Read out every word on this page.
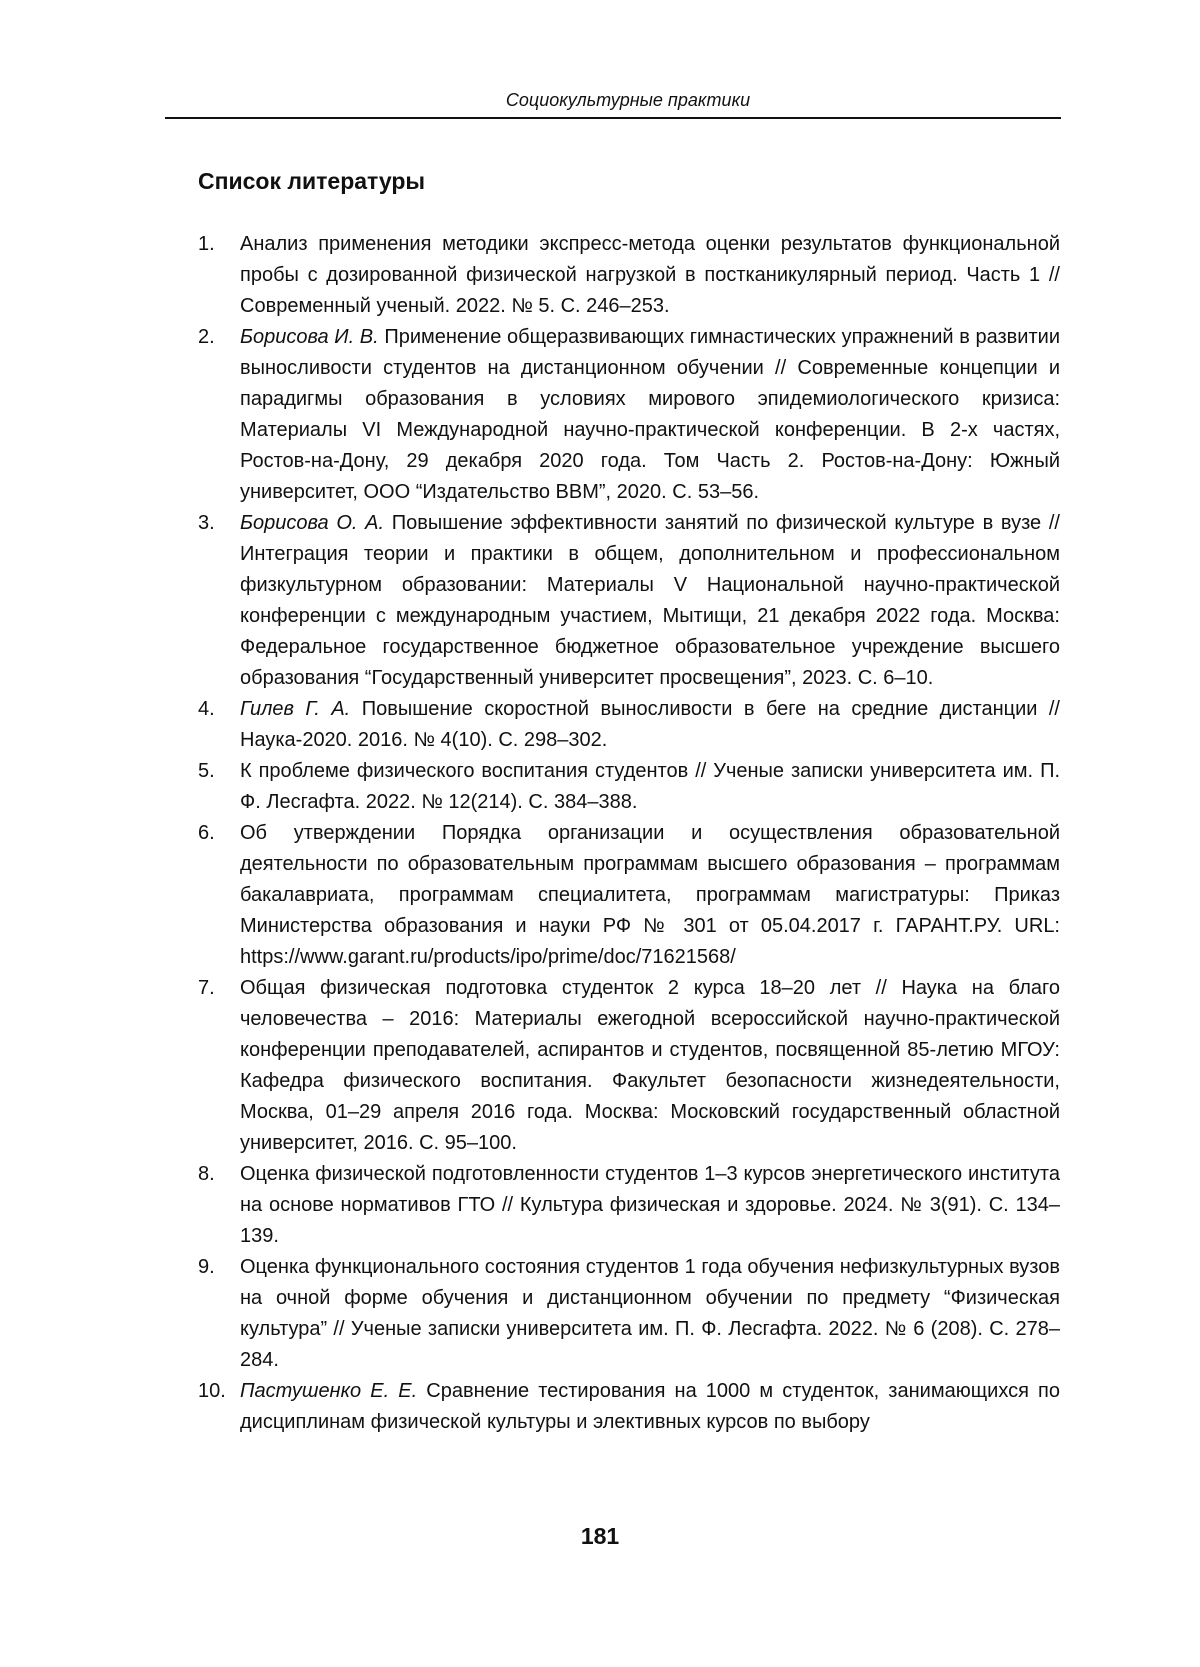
Социокультурные практики
Список литературы
1. Анализ применения методики экспресс-метода оценки результатов функциональной пробы с дозированной физической нагрузкой в постканикулярный период. Часть 1 // Современный ученый. 2022. № 5. С. 246–253.
2. Борисова И. В. Применение общеразвивающих гимнастических упражнений в развитии выносливости студентов на дистанционном обучении // Современные концепции и парадигмы образования в условиях мирового эпидемиологического кризиса: Материалы VI Международной научно-практической конференции. В 2-х частях, Ростов-на-Дону, 29 декабря 2020 года. Том Часть 2. Ростов-на-Дону: Южный университет, ООО “Издательство ВВМ”, 2020. С. 53–56.
3. Борисова О. А. Повышение эффективности занятий по физической культуре в вузе // Интеграция теории и практики в общем, дополнительном и профессиональном физкультурном образовании: Материалы V Национальной научно-практической конференции с международным участием, Мытищи, 21 декабря 2022 года. Москва: Федеральное государственное бюджетное образовательное учреждение высшего образования “Государственный университет просвещения”, 2023. С. 6–10.
4. Гилев Г. А. Повышение скоростной выносливости в беге на средние дистанции // Наука-2020. 2016. № 4(10). С. 298–302.
5. К проблеме физического воспитания студентов // Ученые записки университета им. П. Ф. Лесгафта. 2022. № 12(214). С. 384–388.
6. Об утверждении Порядка организации и осуществления образовательной деятельности по образовательным программам высшего образования – программам бакалавриата, программам специалитета, программам магистратуры: Приказ Министерства образования и науки РФ № 301 от 05.04.2017 г. ГАРАНТ.РУ. URL: https://www.garant.ru/products/ipo/prime/doc/71621568/
7. Общая физическая подготовка студенток 2 курса 18–20 лет // Наука на благо человечества – 2016: Материалы ежегодной всероссийской научно-практической конференции преподавателей, аспирантов и студентов, посвященной 85-летию МГОУ: Кафедра физического воспитания. Факультет безопасности жизнедеятельности, Москва, 01–29 апреля 2016 года. Москва: Московский государственный областной университет, 2016. С. 95–100.
8. Оценка физической подготовленности студентов 1–3 курсов энергетического института на основе нормативов ГТО // Культура физическая и здоровье. 2024. № 3(91). С. 134–139.
9. Оценка функционального состояния студентов 1 года обучения нефизкультурных вузов на очной форме обучения и дистанционном обучении по предмету “Физическая культура” // Ученые записки университета им. П. Ф. Лесгафта. 2022. № 6 (208). С. 278–284.
10. Пастушенко Е. Е. Сравнение тестирования на 1000 м студенток, занимающихся по дисциплинам физической культуры и элективных курсов по выбору
181
